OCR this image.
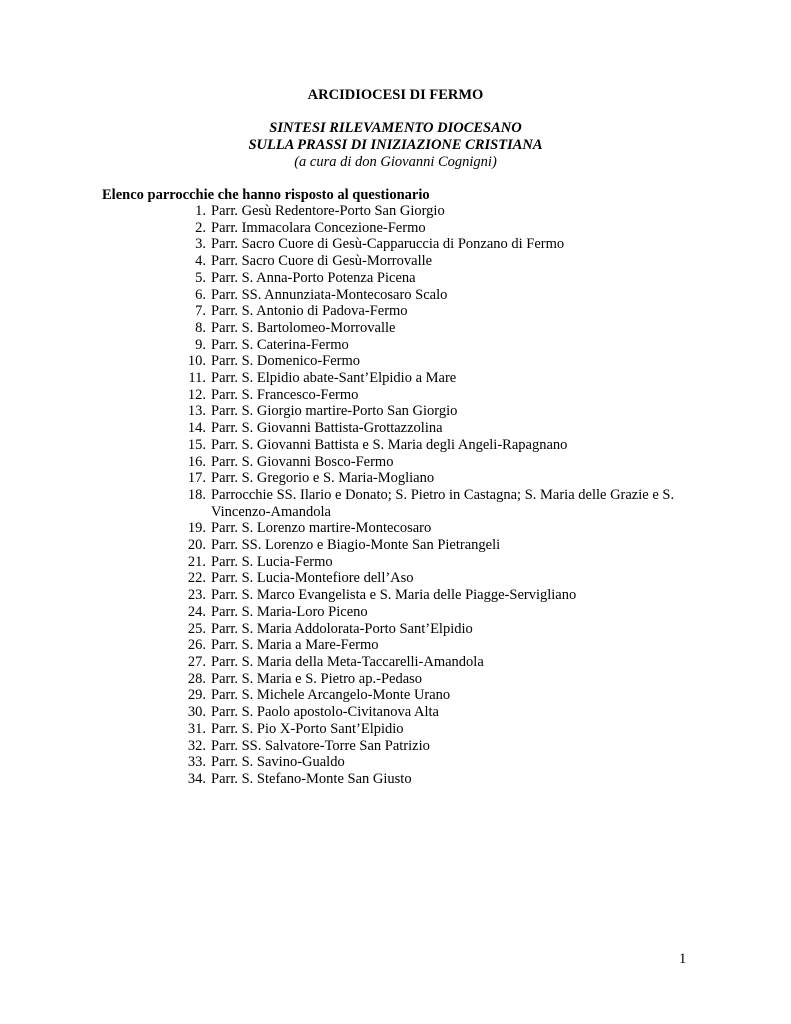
ARCIDIOCESI DI FERMO
SINTESI RILEVAMENTO DIOCESANO
SULLA PRASSI DI INIZIAZIONE CRISTIANA
(a cura di don Giovanni Cognigni)
Elenco parrocchie che hanno risposto al questionario
1. Parr. Gesù Redentore-Porto San Giorgio
2. Parr. Immacolara Concezione-Fermo
3. Parr. Sacro Cuore di Gesù-Capparuccia di Ponzano di Fermo
4. Parr. Sacro Cuore di Gesù-Morrovalle
5. Parr. S. Anna-Porto Potenza Picena
6. Parr. SS. Annunziata-Montecosaro Scalo
7. Parr. S. Antonio di Padova-Fermo
8. Parr. S. Bartolomeo-Morrovalle
9. Parr. S. Caterina-Fermo
10. Parr. S. Domenico-Fermo
11. Parr. S. Elpidio abate-Sant’Elpidio a Mare
12. Parr. S. Francesco-Fermo
13. Parr. S. Giorgio martire-Porto San Giorgio
14. Parr. S. Giovanni Battista-Grottazzolina
15. Parr. S. Giovanni Battista e S. Maria degli Angeli-Rapagnano
16. Parr. S. Giovanni Bosco-Fermo
17. Parr. S. Gregorio e S. Maria-Mogliano
18. Parrocchie SS. Ilario e Donato; S. Pietro in Castagna; S. Maria delle Grazie e S. Vincenzo-Amandola
19. Parr. S. Lorenzo martire-Montecosaro
20. Parr. SS. Lorenzo e Biagio-Monte San Pietrangeli
21. Parr. S. Lucia-Fermo
22. Parr. S. Lucia-Montefiore dell’Aso
23. Parr. S. Marco Evangelista e S. Maria delle Piagge-Servigliano
24. Parr. S. Maria-Loro Piceno
25. Parr. S. Maria Addolorata-Porto Sant’Elpidio
26. Parr. S. Maria a Mare-Fermo
27. Parr. S. Maria della Meta-Taccarelli-Amandola
28. Parr. S. Maria e S. Pietro ap.-Pedaso
29. Parr. S. Michele Arcangelo-Monte Urano
30. Parr. S. Paolo apostolo-Civitanova Alta
31. Parr. S. Pio X-Porto Sant’Elpidio
32. Parr. SS. Salvatore-Torre San Patrizio
33. Parr. S. Savino-Gualdo
34. Parr. S. Stefano-Monte San Giusto
1
